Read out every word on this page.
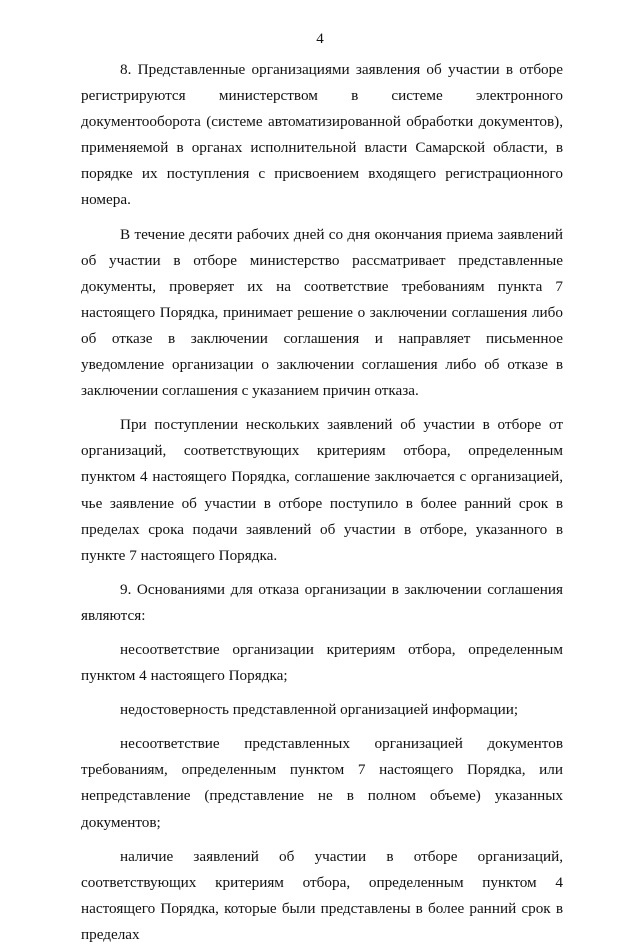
4

8. Представленные организациями заявления об участии в отборе регистрируются министерством в системе электронного документооборота (системе автоматизированной обработки документов), применяемой в органах исполнительной власти Самарской области, в порядке их поступления с присвоением входящего регистрационного номера.

В течение десяти рабочих дней со дня окончания приема заявлений об участии в отборе министерство рассматривает представленные документы, проверяет их на соответствие требованиям пункта 7 настоящего Порядка, принимает решение о заключении соглашения либо об отказе в заключении соглашения и направляет письменное уведомление организации о заключении соглашения либо об отказе в заключении соглашения с указанием причин отказа.

При поступлении нескольких заявлений об участии в отборе от организаций, соответствующих критериям отбора, определенным пунктом 4 настоящего Порядка, соглашение заключается с организацией, чье заявление об участии в отборе поступило в более ранний срок в пределах срока подачи заявлений об участии в отборе, указанного в пункте 7 настоящего Порядка.

9. Основаниями для отказа организации в заключении соглашения являются:

несоответствие организации критериям отбора, определенным пунктом 4 настоящего Порядка;

недостоверность представленной организацией информации;

несоответствие представленных организацией документов требованиям, определенным пунктом 7 настоящего Порядка, или непредставление (представление не в полном объеме) указанных документов;

наличие заявлений об участии в отборе организаций, соответствующих критериям отбора, определенным пунктом 4 настоящего Порядка, которые были представлены в более ранний срок в пределах
